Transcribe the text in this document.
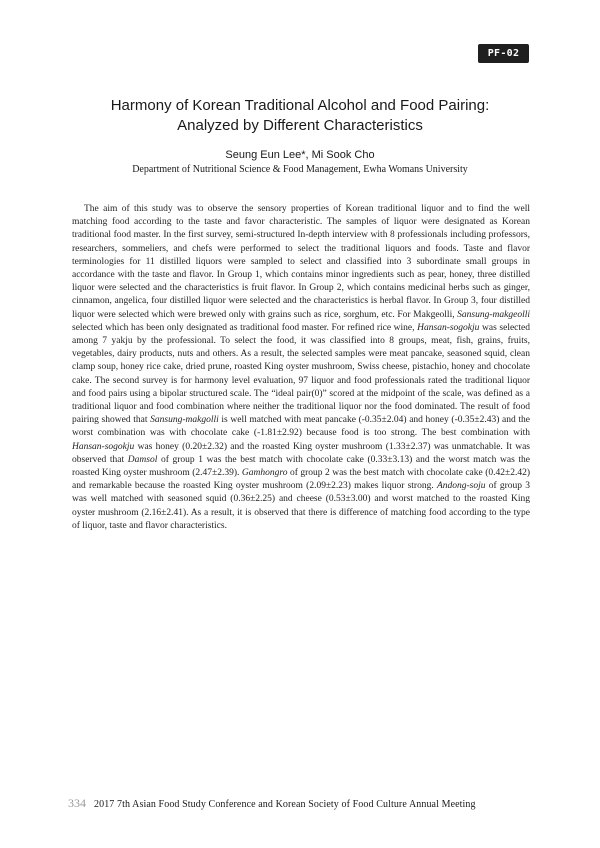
PF-02
Harmony of Korean Traditional Alcohol and Food Pairing:
Analyzed by Different Characteristics
Seung Eun Lee*, Mi Sook Cho
Department of Nutritional Science & Food Management, Ewha Womans University
The aim of this study was to observe the sensory properties of Korean traditional liquor and to find the well matching food according to the taste and favor characteristic. The samples of liquor were designated as Korean traditional food master. In the first survey, semi-structured In-depth interview with 8 professionals including professors, researchers, sommeliers, and chefs were performed to select the traditional liquors and foods. Taste and flavor terminologies for 11 distilled liquors were sampled to select and classified into 3 subordinate small groups in accordance with the taste and flavor. In Group 1, which contains minor ingredients such as pear, honey, three distilled liquor were selected and the characteristics is fruit flavor. In Group 2, which contains medicinal herbs such as ginger, cinnamon, angelica, four distilled liquor were selected and the characteristics is herbal flavor. In Group 3, four distilled liquor were selected which were brewed only with grains such as rice, sorghum, etc. For Makgeolli, Sansung-makgeolli selected which has been only designated as traditional food master. For refined rice wine, Hansan-sogokju was selected among 7 yakju by the professional. To select the food, it was classified into 8 groups, meat, fish, grains, fruits, vegetables, dairy products, nuts and others. As a result, the selected samples were meat pancake, seasoned squid, clean clamp soup, honey rice cake, dried prune, roasted King oyster mushroom, Swiss cheese, pistachio, honey and chocolate cake. The second survey is for harmony level evaluation, 97 liquor and food professionals rated the traditional liquor and food pairs using a bipolar structured scale. The “ideal pair(0)” scored at the midpoint of the scale, was defined as a traditional liquor and food combination where neither the traditional liquor nor the food dominated. The result of food pairing showed that Sansung-makgolli is well matched with meat pancake (-0.35±2.04) and honey (-0.35±2.43) and the worst combination was with chocolate cake (-1.81±2.92) because food is too strong. The best combination with Hansan-sogokju was honey (0.20±2.32) and the roasted King oyster mushroom (1.33±2.37) was unmatchable. It was observed that Damsol of group 1 was the best match with chocolate cake (0.33±3.13) and the worst match was the roasted King oyster mushroom (2.47±2.39). Gamhongro of group 2 was the best match with chocolate cake (0.42±2.42) and remarkable because the roasted King oyster mushroom (2.09±2.23) makes liquor strong. Andong-soju of group 3 was well matched with seasoned squid (0.36±2.25) and cheese (0.53±3.00) and worst matched to the roasted King oyster mushroom (2.16±2.41). As a result, it is observed that there is difference of matching food according to the type of liquor, taste and flavor characteristics.
334 2017 7th Asian Food Study Conference and Korean Society of Food Culture Annual Meeting
